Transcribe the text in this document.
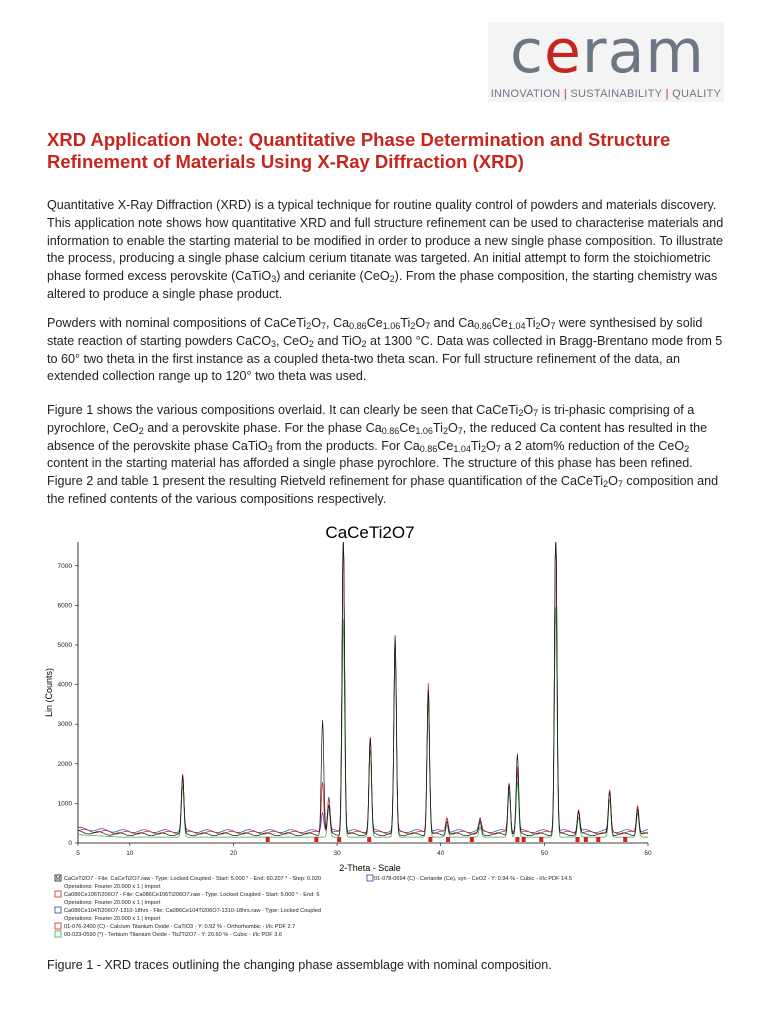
ceram
INNOVATION | SUSTAINABILITY | QUALITY
XRD Application Note: Quantitative Phase Determination and Structure Refinement of Materials Using X-Ray Diffraction (XRD)

Quantitative X-Ray Diffraction (XRD) is a typical technique for routine quality control of powders and materials discovery. This application note shows how quantitative XRD and full structure refinement can be used to characterise materials and information to enable the starting material to be modified in order to produce a new single phase composition. To illustrate the process, producing a single phase calcium cerium titanate was targeted. An initial attempt to form the stoichiometric phase formed excess perovskite (CaTiO$_3$) and cerianite (CeO$_2$). From the phase composition, the starting chemistry was altered to produce a single phase product.

Powders with nominal compositions of $CaCeTi_2O_7$, $Ca_{0.86}Ce_{1.06}Ti_2O_7$ and $Ca_{0.86}Ce_{1.04}Ti_2O_7$ were synthesised by solid state reaction of starting powders CaCO$_3$, CeO$_2$ and TiO$_2$ at 1300 °C. Data was collected in Bragg-Brentano mode from 5 to 60° two theta in the first instance as a coupled theta-two theta scan. For full structure refinement of the data, an extended collection range up to 120° two theta was used.

Figure 1 shows the various compositions overlaid. It can clearly be seen that $CaCeTi_2O_7$ is tri-phasic comprising of a pyrochlore, CeO$_2$ and a perovskite phase. For the phase $Ca_{0.86}Ce_{1.06}Ti_2O_7$, the reduced Ca content has resulted in the absence of the perovskite phase CaTiO$_3$ from the products. For $Ca_{0.86}Ce_{1.04}Ti_2O_7$ a 2 atom% reduction of the CeO$_2$ content in the starting material has afforded a single phase pyrochlore. The structure of this phase has been refined. Figure 2 and table 1 present the resulting Rietveld refinement for phase quantification of the $CaCeTi_2O_7$ composition and the refined contents of the various compositions respectively.

CaCeTi2O7
0
1000
2000
3000
4000
5000
6000
7000
5	10	20	30	40	50	60
2-Theta - Scale
Lin (Counts)
M CaCeTi2O7 - File: CaCeTi2O7.raw - Type: Locked Coupled - Start: 5.000 ° - End: 60.207 ° - Step: 0.020
Operations: Fourier 20.000 x 1 | Import
Ca086Ce106Ti206O7 - File: Ca086Ce106Ti206O7.raw - Type: Locked Coupled - Start: 5.000 ° - End: 6
Operations: Fourier 20.000 x 1 | Import
Ca086Ce104Ti206O7-1310-18hrs - File: Ca086Ce104Ti206O7-1310-18hrs.raw - Type: Locked Coupled
Operations: Fourier 20.000 x 1 | Import
01-076-2400 (C) - Calcium Titanium Oxide - CaTiO3 - Y: 0.92 % - Orthorhombic - I/Ic PDF 2.7
00-023-0590 (*) - Terbium Titanium Oxide - Tb2Ti2O7 - Y: 20.60 % - Cubic - I/Ic PDF 3.6
01-078-0694 (C) - Cerianite (Ce), syn - CeO2 - Y: 0.94 % - Cubic - I/Ic PDF 14.5

Figure 1 - XRD traces outlining the changing phase assemblage with nominal composition.
